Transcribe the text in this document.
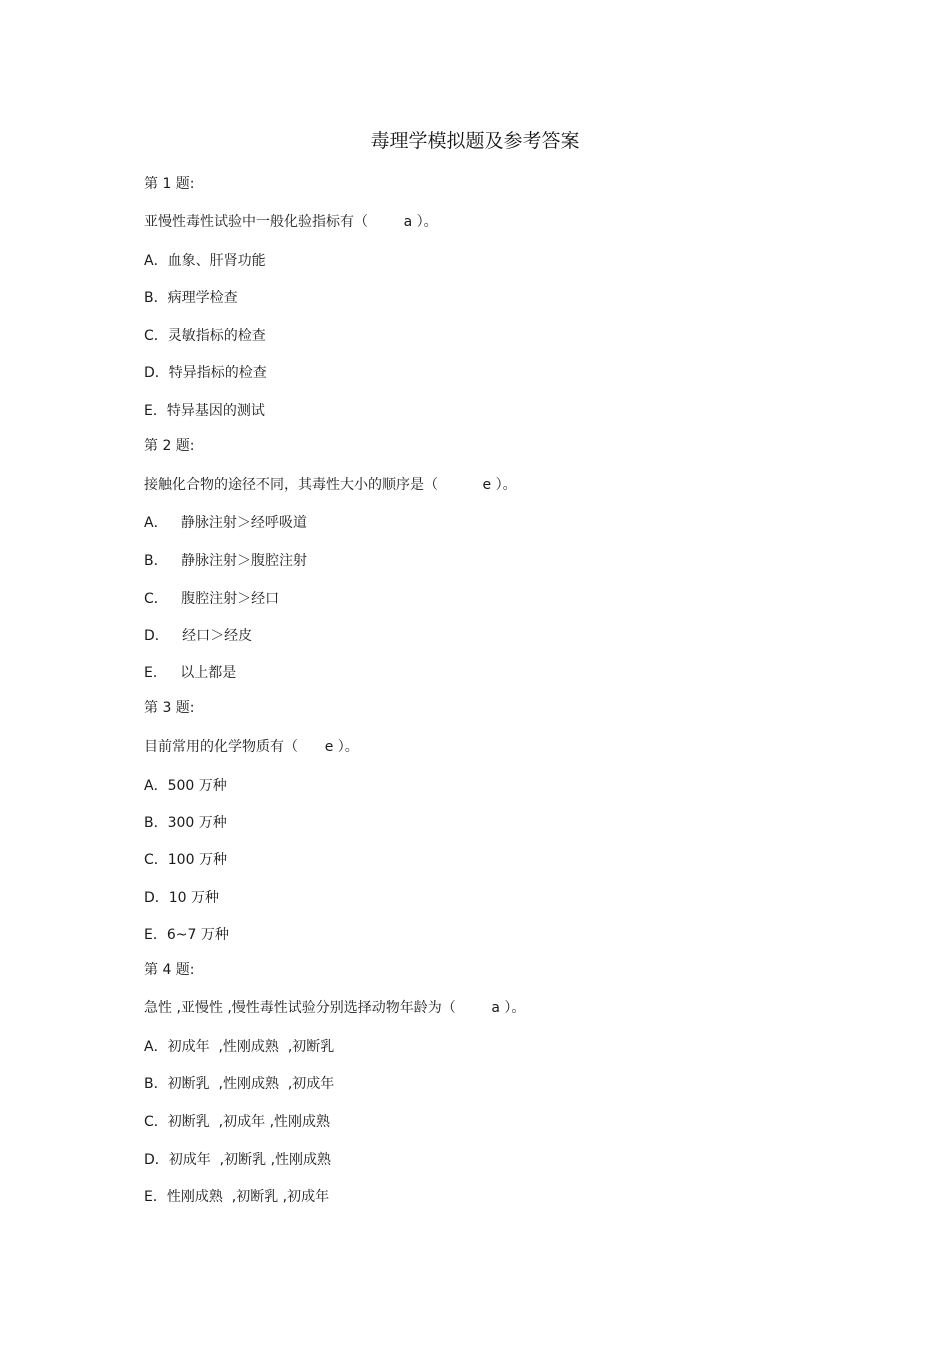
毒理学模拟题及参考答案
第 1 题:
亚慢性毒性试验中一般化验指标有（        a ）。
A．血象、肝肾功能
B．病理学检查
C．灵敏指标的检查
D．特异指标的检查
E．特异基因的测试
第 2 题:
接触化合物的途径不同，其毒性大小的顺序是（          e ）。
A．   静脉注射＞经呼吸道
B．   静脉注射＞腹腔注射
C．   腹腔注射＞经口
D．   经口＞经皮
E．   以上都是
第 3 题:
目前常用的化学物质有（      e ）。
A．500 万种
B．300 万种
C．100 万种
D．10 万种
E．6~7 万种
第 4 题:
急性 ,亚慢性 ,慢性毒性试验分别选择动物年龄为（        a ）。
A．初成年  ,性刚成熟  ,初断乳
B．初断乳  ,性刚成熟  ,初成年
C．初断乳  ,初成年 ,性刚成熟
D．初成年  ,初断乳 ,性刚成熟
E．性刚成熟  ,初断乳 ,初成年
